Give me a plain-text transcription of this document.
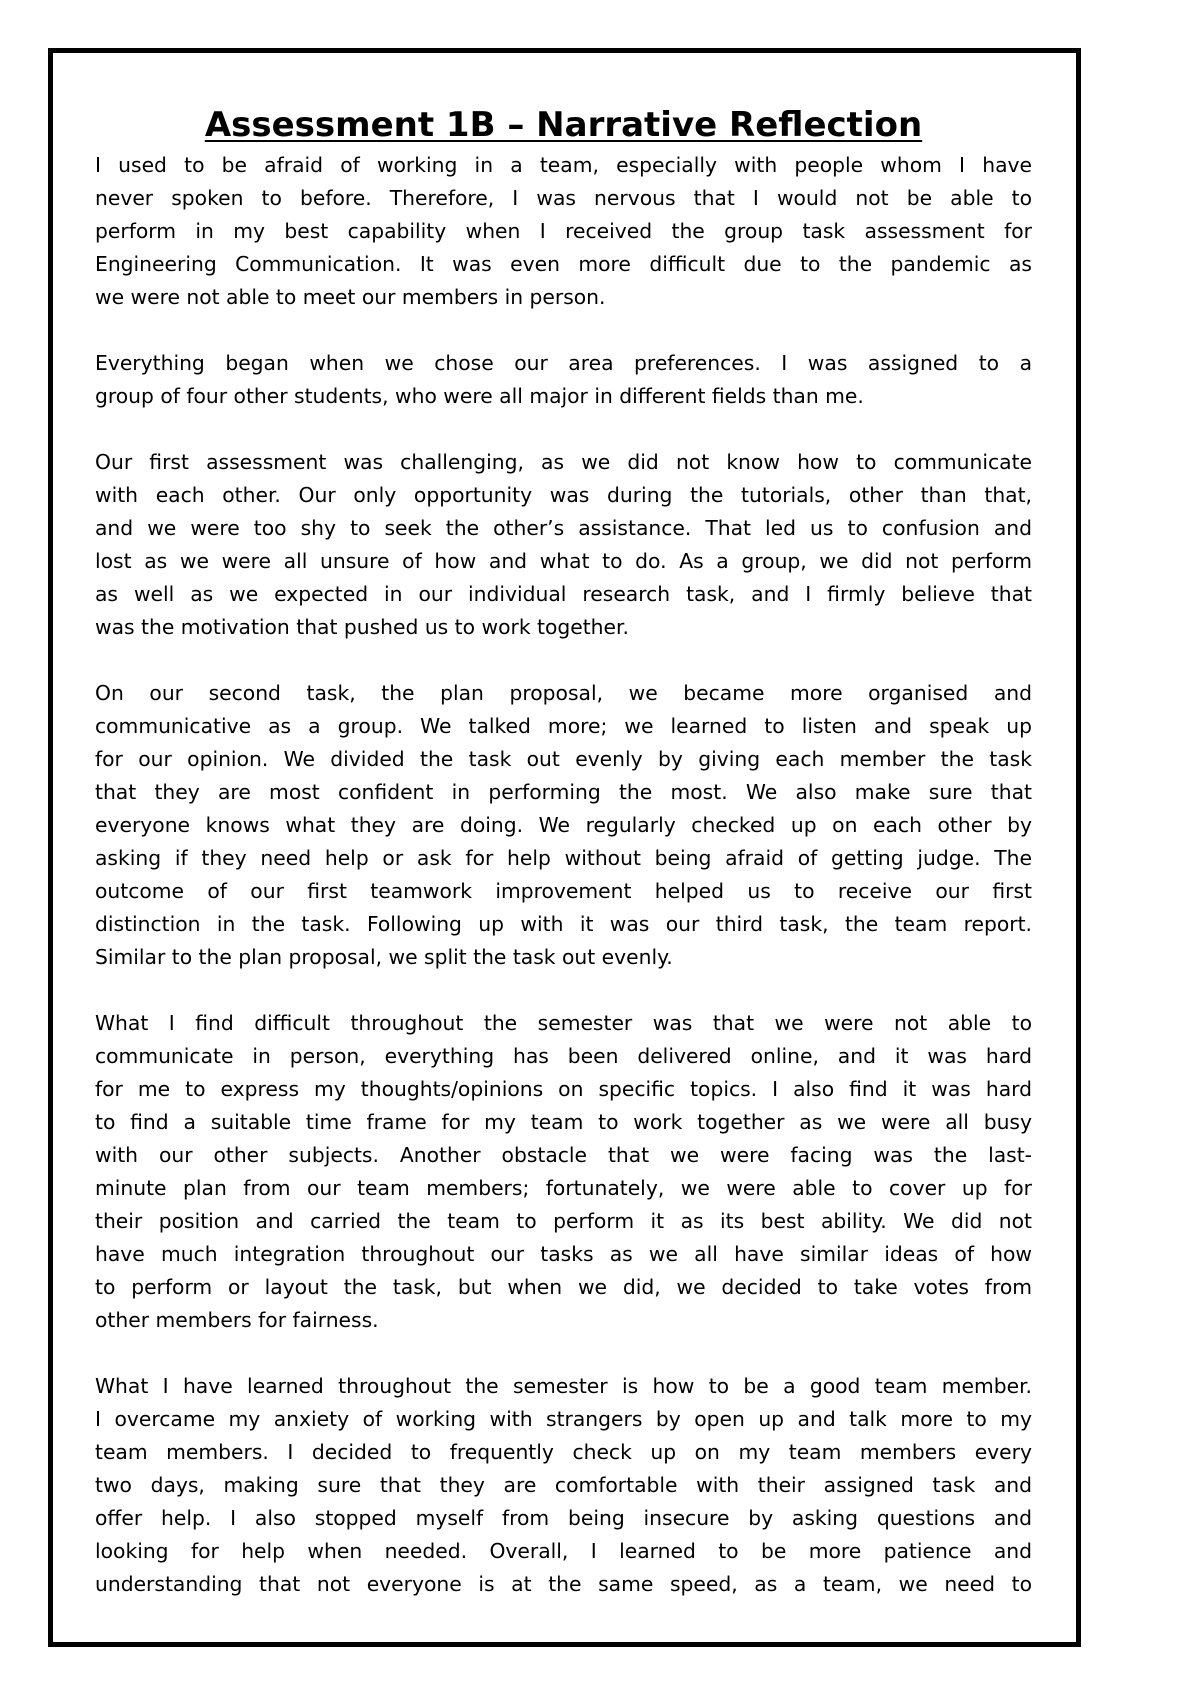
Assessment 1B – Narrative Reflection
I used to be afraid of working in a team, especially with people whom I have
never spoken to before. Therefore, I was nervous that I would not be able to
perform in my best capability when I received the group task assessment for
Engineering Communication. It was even more difficult due to the pandemic as
we were not able to meet our members in person.
Everything began when we chose our area preferences. I was assigned to a
group of four other students, who were all major in different fields than me.
Our first assessment was challenging, as we did not know how to communicate
with each other. Our only opportunity was during the tutorials, other than that,
and we were too shy to seek the other’s assistance. That led us to confusion and
lost as we were all unsure of how and what to do. As a group, we did not perform
as well as we expected in our individual research task, and I firmly believe that
was the motivation that pushed us to work together.
On our second task, the plan proposal, we became more organised and
communicative as a group. We talked more; we learned to listen and speak up
for our opinion. We divided the task out evenly by giving each member the task
that they are most confident in performing the most. We also make sure that
everyone knows what they are doing. We regularly checked up on each other by
asking if they need help or ask for help without being afraid of getting judge. The
outcome of our first teamwork improvement helped us to receive our first
distinction in the task. Following up with it was our third task, the team report.
Similar to the plan proposal, we split the task out evenly.
What I find difficult throughout the semester was that we were not able to
communicate in person, everything has been delivered online, and it was hard
for me to express my thoughts/opinions on specific topics. I also find it was hard
to find a suitable time frame for my team to work together as we were all busy
with our other subjects. Another obstacle that we were facing was the last-
minute plan from our team members; fortunately, we were able to cover up for
their position and carried the team to perform it as its best ability. We did not
have much integration throughout our tasks as we all have similar ideas of how
to perform or layout the task, but when we did, we decided to take votes from
other members for fairness.
What I have learned throughout the semester is how to be a good team member.
I overcame my anxiety of working with strangers by open up and talk more to my
team members. I decided to frequently check up on my team members every
two days, making sure that they are comfortable with their assigned task and
offer help. I also stopped myself from being insecure by asking questions and
looking for help when needed. Overall, I learned to be more patience and
understanding that not everyone is at the same speed, as a team, we need to
